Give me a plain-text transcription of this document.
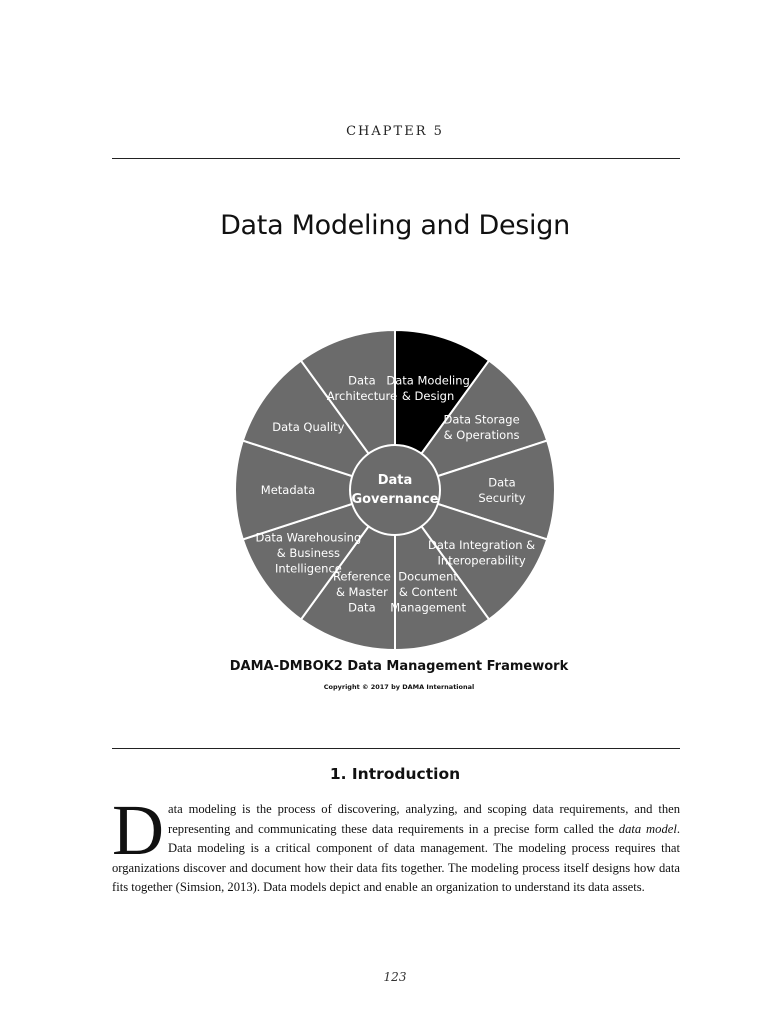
CHAPTER 5
Data Modeling and Design
Data Modeling & Design
Data Storage & Operations
Data Security
Data Integration & Interoperability
Document & Content Management
Reference & Master Data
Data Warehousing & Business Intelligence
Metadata
Data Quality
Data Architecture
Data Governance
DAMA-DMBOK2 Data Management Framework
Copyright © 2017 by DAMA International
1. Introduction

Data modeling is the process of discovering, analyzing, and scoping data requirements, and then representing and communicating these data requirements in a precise form called the data model. Data modeling is a critical component of data management. The modeling process requires that organizations discover and document how their data fits together. The modeling process itself designs how data fits together (Simsion, 2013). Data models depict and enable an organization to understand its data assets.

123
